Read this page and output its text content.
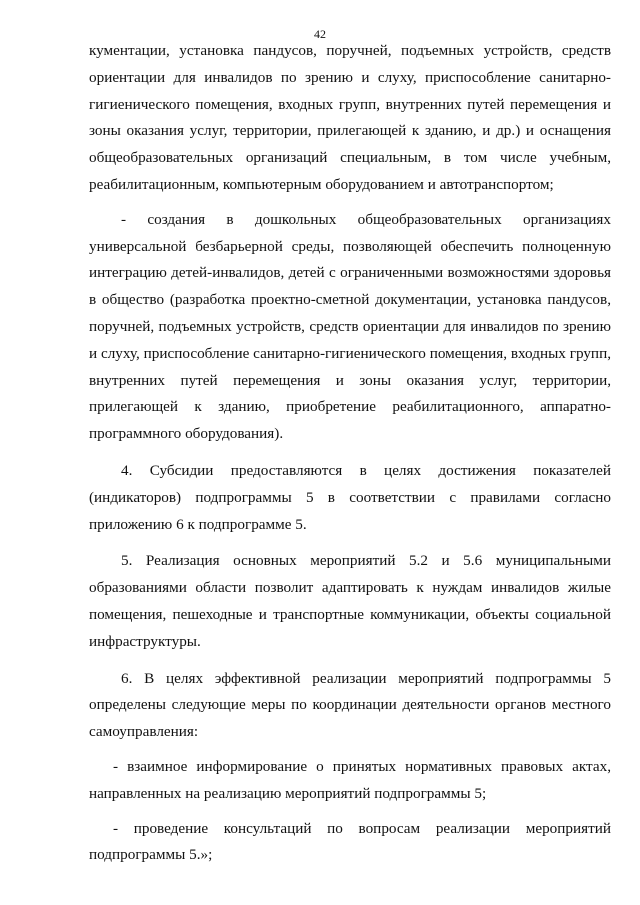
42

кументации, установка пандусов, поручней, подъемных устройств, средств ориентации для инвалидов по зрению и слуху, приспособление санитарно-гигиенического помещения, входных групп, внутренних путей перемещения и зоны оказания услуг, территории, прилегающей к зданию, и др.) и оснащения общеобразовательных организаций специальным, в том числе учебным, реабилитационным, компьютерным оборудованием и автотранспортом;

- создания в дошкольных общеобразовательных организациях универсальной безбарьерной среды, позволяющей обеспечить полноценную интеграцию детей-инвалидов, детей с ограниченными возможностями здоровья в общество (разработка проектно-сметной документации, установка пандусов, поручней, подъемных устройств, средств ориентации для инвалидов по зрению и слуху, приспособление санитарно-гигиенического помещения, входных групп, внутренних путей перемещения и зоны оказания услуг, территории, прилегающей к зданию, приобретение реабилитационного, аппаратно-программного оборудования).

4. Субсидии предоставляются в целях достижения показателей (индикаторов) подпрограммы 5 в соответствии с правилами согласно приложению 6 к подпрограмме 5.

5. Реализация основных мероприятий 5.2 и 5.6 муниципальными образованиями области позволит адаптировать к нуждам инвалидов жилые помещения, пешеходные и транспортные коммуникации, объекты социальной инфраструктуры.

6. В целях эффективной реализации мероприятий подпрограммы 5 определены следующие меры по координации деятельности органов местного самоуправления:

- взаимное информирование о принятых нормативных правовых актах, направленных на реализацию мероприятий подпрограммы 5;

- проведение консультаций по вопросам реализации мероприятий подпрограммы 5.»;
